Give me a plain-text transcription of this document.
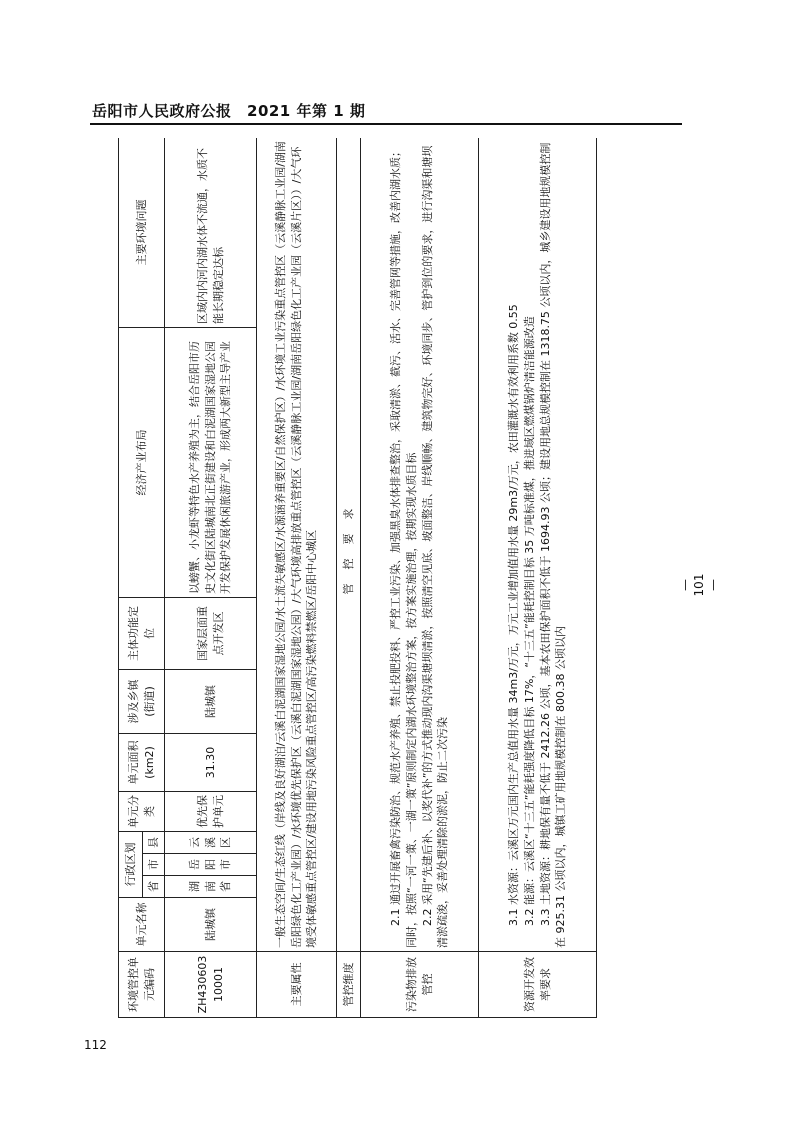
岳阳市人民政府公报　2021 年第 1 期
环境管控单元编码	单元名称	行政区划			单元分类	单元面积(km2)	涉及乡镇(街道)	主体功能定位	经济产业布局	主要环境问题
		省	市	县						
ZH43060310001	陆城镇	湖南省	岳阳市	云溪区	优先保护单元	31.30	陆城镇	国家层面重点开发区	以螃蟹、小龙虾等特色水产养殖为主，结合岳阳市历史文化街区陆城南北正街建设和白泥湖国家湿地公园开发保护发展休闲旅游产业，形成两大新型主导产业	区域内内河内湖水体不流通，水质不能长期稳定达标
主要属性	一般生态空间/生态红线（岸线及良好湖泊/云溪白泥湖国家湿地公园/水土流失敏感区/水源涵养重要区/自然保护区）/水环境工业污染重点管控区（云溪静脉工业园/湖南岳阳绿色化工产业园）/水环境优先保护区（云溪白泥湖国家湿地公园）/大气环境高排放重点管控区（云溪静脉工业园/湖南岳阳绿色化工产业园（云溪片区））/大气环境受体敏感重点管控区/建设用地污染风险重点管控区/高污染燃料禁燃区/岳阳中心城区									
管控维度	管控要求									
污染物排放管控	2.1 通过开展畜禽污染防治、规范水产养殖、禁止投肥投料、严控工业污染、加强黑臭水体排查整治，采取清淤、截污、活水、完善管网等措施，改善内湖水质；同时，按照“一河一策、一湖一策”原则制定内湖水环境整治方案，按方案实施治理，按期实现水质目标 2.2 采用“先建后补、以奖代补”的方式推动现内沟渠塘坝清淤，按照清空见底、坡面整洁、岸线顺畅、建筑物完好、环境同步、管护到位的要求，进行沟渠和塘坝清淤疏浚，妥善处理清除的淤泥，防止二次污染									

资源开发效率要求	3.1 水资源：云溪区万元国内生产总值用水量 34m3/万元，万元工业增加值用水量 29m3/万元，农田灌溉水有效利用系数 0.55 3.2 能源：云溪区“十三五”能耗强度降低目标 17%，“十三五”能耗控制目标 35 万吨标准煤，推进域区燃煤锅炉清洁能源改造 3.3 土地资源：耕地保有量不低于 2412.26 公顷，基本农田保护面积不低于 1694.93 公顷；建设用地总规模控制在 1318.75 公顷以内，城乡建设用地规模控制在 925.31 公顷以内，城镇工矿用地规模控制在 800.38 公顷以内									

— 101 —
112
